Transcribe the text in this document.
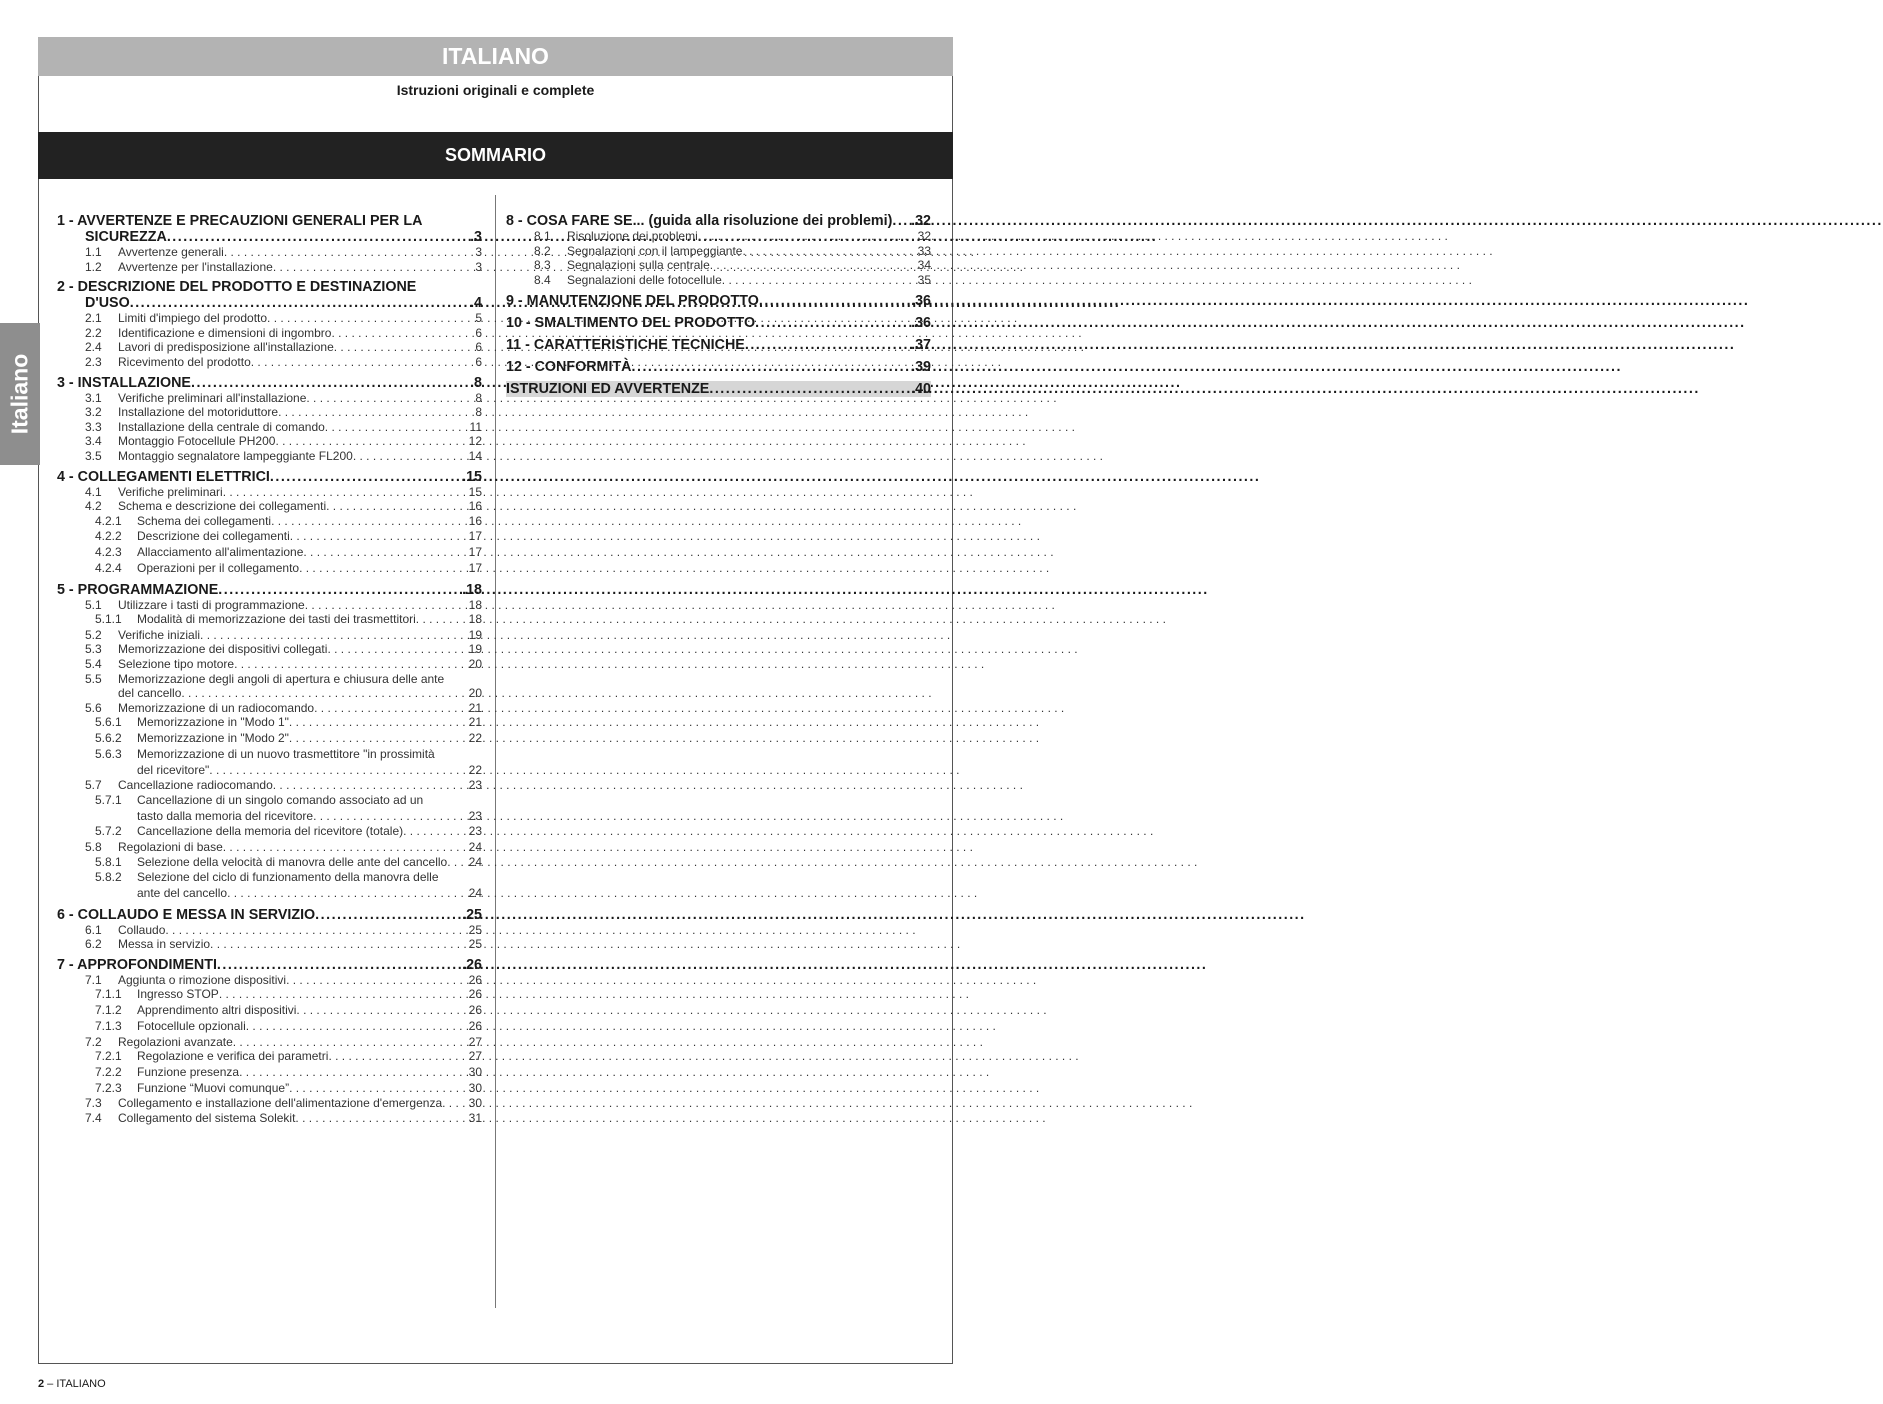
ITALIANO
Istruzioni originali e complete
SOMMARIO
Italiano
1 - AVVERTENZE E PRECAUZIONI GENERALI PER LA
SICUREZZA .....	. 3
1.1	Avvertenze generali . . .	3
1.2	Avvertenze per l'installazione . . .	3
2 - DESCRIZIONE DEL PRODOTTO E DESTINAZIONE
D'USO .....	. 4
2.1	Limiti d'impiego del prodotto . . .	5
2.2	Identificazione e dimensioni di ingombro . . .	6
2.4	Lavori di predisposizione all'installazione . . .	6
2.3	Ricevimento del prodotto . . .	6
3 - INSTALLAZIONE .....	. 8
3.1	Verifiche preliminari all'installazione . . .	8
3.2	Installazione del motoriduttore . . .	8
3.3	Installazione della centrale di comando . . .	11
3.4	Montaggio Fotocellule PH200 . . .	12
3.5	Montaggio segnalatore lampeggiante FL200 . . .	14
4 - COLLEGAMENTI ELETTRICI .....	. 15
4.1	Verifiche preliminari . . .	15
4.2	Schema e descrizione dei collegamenti . . .	16
4.2.1	Schema dei collegamenti . . .	16
4.2.2	Descrizione dei collegamenti . . .	17
4.2.3	Allacciamento all'alimentazione . . .	17
4.2.4	Operazioni per il collegamento . . .	17
5 - PROGRAMMAZIONE .....	. 18
5.1	Utilizzare i tasti di programmazione . . .	18
5.1.1	Modalità di memorizzazione dei tasti dei trasmettitori . . .	18
5.2	Verifiche iniziali . . .	19
5.3	Memorizzazione dei dispositivi collegati . . .	19
5.4	Selezione tipo motore . . .	20
5.5	Memorizzazione degli angoli di apertura e chiusura delle ante
del cancello . . .	20
5.6	Memorizzazione di un radiocomando . . .	21
5.6.1	Memorizzazione in "Modo 1" . . .	21
5.6.2	Memorizzazione in "Modo 2" . . .	22
5.6.3	Memorizzazione di un nuovo trasmettitore "in prossimità
del ricevitore" . . .	22
5.7	Cancellazione radiocomando . . .	23
5.7.1	Cancellazione di un singolo comando associato ad un
tasto dalla memoria del ricevitore . . .	23
5.7.2	Cancellazione della memoria del ricevitore (totale) . . .	23
5.8	Regolazioni di base . . .	24
5.8.1	Selezione della velocità di manovra delle ante del cancello . . . 24
5.8.2	Selezione del ciclo di funzionamento della manovra delle
ante del cancello . . .	24
6 - COLLAUDO E MESSA IN SERVIZIO .....	. 25
6.1	Collaudo . . .	25
6.2	Messa in servizio . . .	25
7 - APPROFONDIMENTI .....	. 26
7.1	Aggiunta o rimozione dispositivi . . .	26
7.1.1	Ingresso STOP . . .	26
7.1.2	Apprendimento altri dispositivi . . .	26
7.1.3	Fotocellule opzionali . . .	26
7.2	Regolazioni avanzate . . .	27
7.2.1	Regolazione e verifica dei parametri . . .	27
7.2.2	Funzione presenza . . .	30
7.2.3	Funzione “Muovi comunque” . . .	30
7.3	Collegamento e installazione dell'alimentazione d'emergenza . . . 30
7.4	Collegamento del sistema Solekit . . .	31
8 - COSA FARE SE... (guida alla risoluzione dei problemi) ..... . 32
8.1	Risoluzione dei problemi . . .	32
8.2	Segnalazioni con il lampeggiante . . .	33
8.3	Segnalazioni sulla centrale . . .	34
8.4	Segnalazioni delle fotocellule . . .	35
9 - MANUTENZIONE DEL PRODOTTO .....	. 36
10 - SMALTIMENTO DEL PRODOTTO .....	. 36
11 - CARATTERISTICHE TECNICHE .....	. 37
12 - CONFORMITÀ .....	. 39
ISTRUZIONI ED AVVERTENZE .....	. 40
2 – ITALIANO
